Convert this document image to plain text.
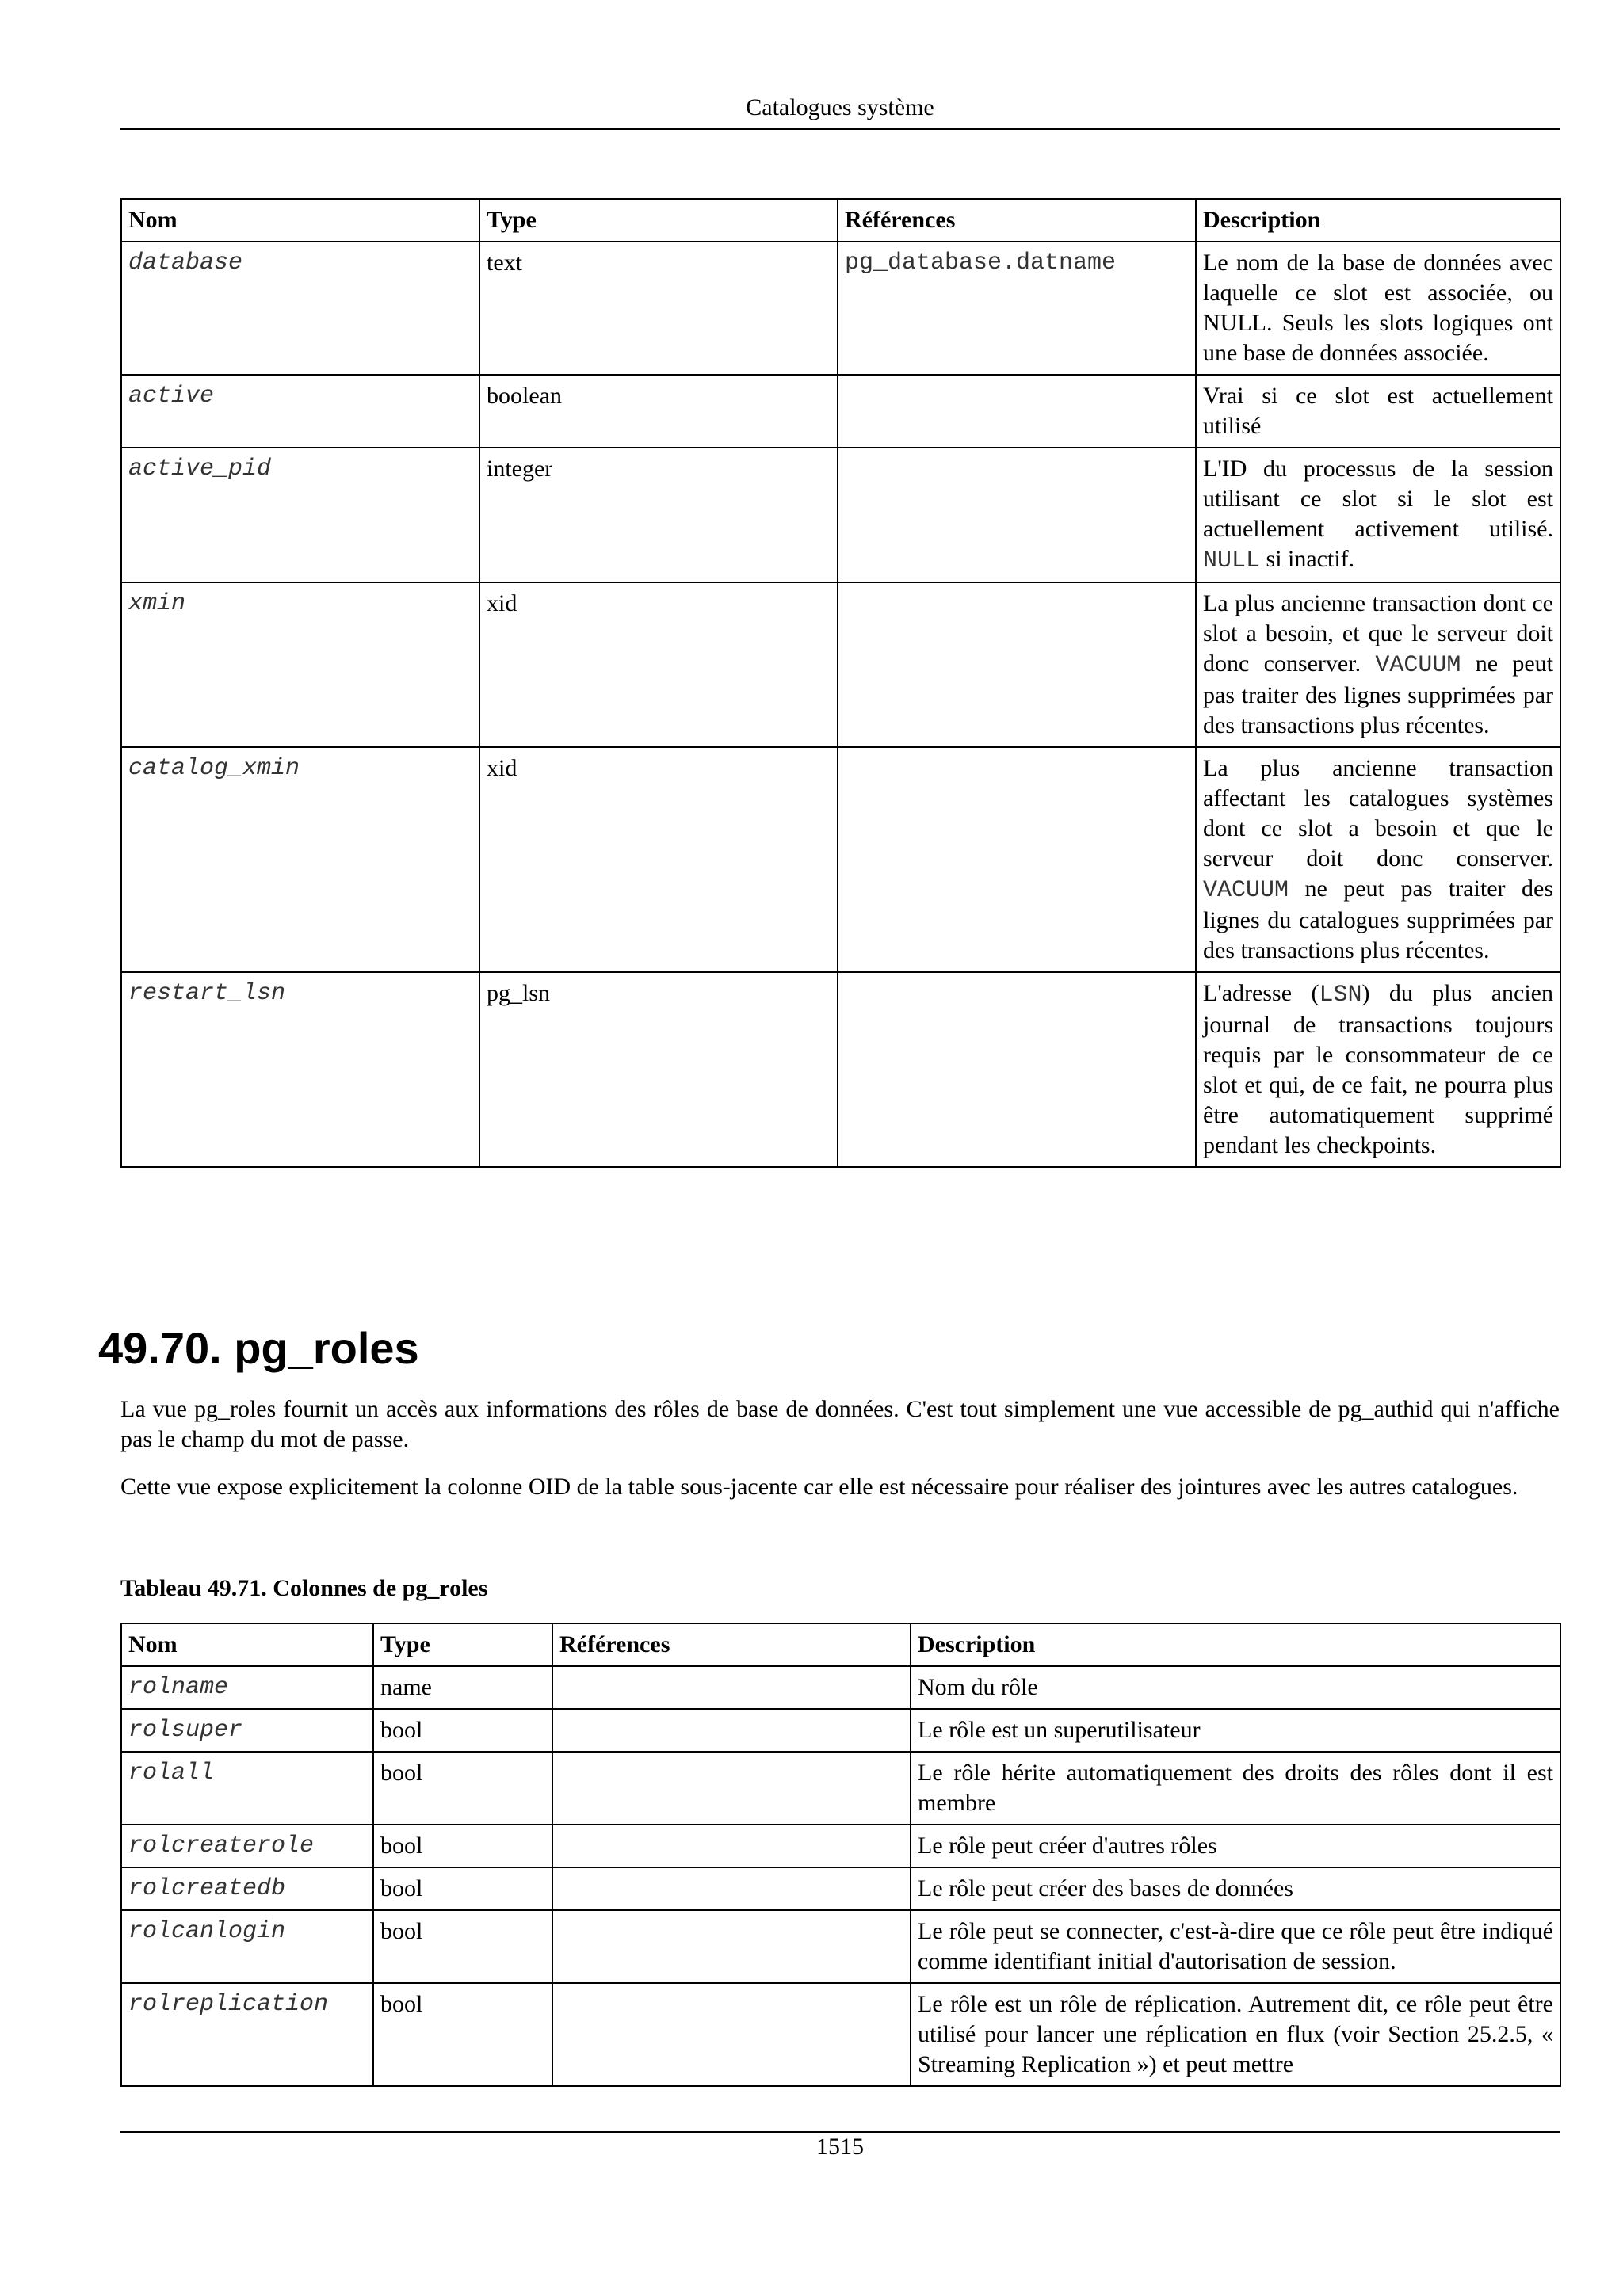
Catalogues système
Nom	Type	Références	Description
database	text	pg_database.datname	Le nom de la base de données avec laquelle ce slot est associée, ou NULL. Seuls les slots logiques ont une base de données associée.
active	boolean		Vrai si ce slot est actuellement utilisé
active_pid	integer		L'ID du processus de la session utilisant ce slot si le slot est actuellement activement utilisé. NULL si inactif.
xmin	xid		La plus ancienne transaction dont ce slot a besoin, et que le serveur doit donc conserver. VACUUM ne peut pas traiter des lignes supprimées par des transactions plus récentes.
catalog_xmin	xid		La plus ancienne transaction affectant les catalogues systèmes dont ce slot a besoin et que le serveur doit donc conserver. VACUUM ne peut pas traiter des lignes du catalogues supprimées par des transactions plus récentes.
restart_lsn	pg_lsn		L'adresse (LSN) du plus ancien journal de transactions toujours requis par le consommateur de ce slot et qui, de ce fait, ne pourra plus être automatiquement supprimé pendant les checkpoints.
49.70. pg_roles
La vue pg_roles fournit un accès aux informations des rôles de base de données. C'est tout simplement une vue accessible de pg_authid qui n'affiche pas le champ du mot de passe.
Cette vue expose explicitement la colonne OID de la table sous-jacente car elle est nécessaire pour réaliser des jointures avec les autres catalogues.
Tableau 49.71. Colonnes de pg_roles
Nom	Type	Références	Description
rolname	name		Nom du rôle
rolsuper	bool		Le rôle est un superutilisateur
rolall	bool		Le rôle hérite automatiquement des droits des rôles dont il est membre
rolcreaterole	bool		Le rôle peut créer d'autres rôles
rolcreatedb	bool		Le rôle peut créer des bases de données
rolcanlogin	bool		Le rôle peut se connecter, c'est-à-dire que ce rôle peut être indiqué comme identifiant initial d'autorisation de session.
rolreplication	bool		Le rôle est un rôle de réplication. Autrement dit, ce rôle peut être utilisé pour lancer une réplication en flux (voir Section 25.2.5, « Streaming Replication ») et peut mettre
1515
